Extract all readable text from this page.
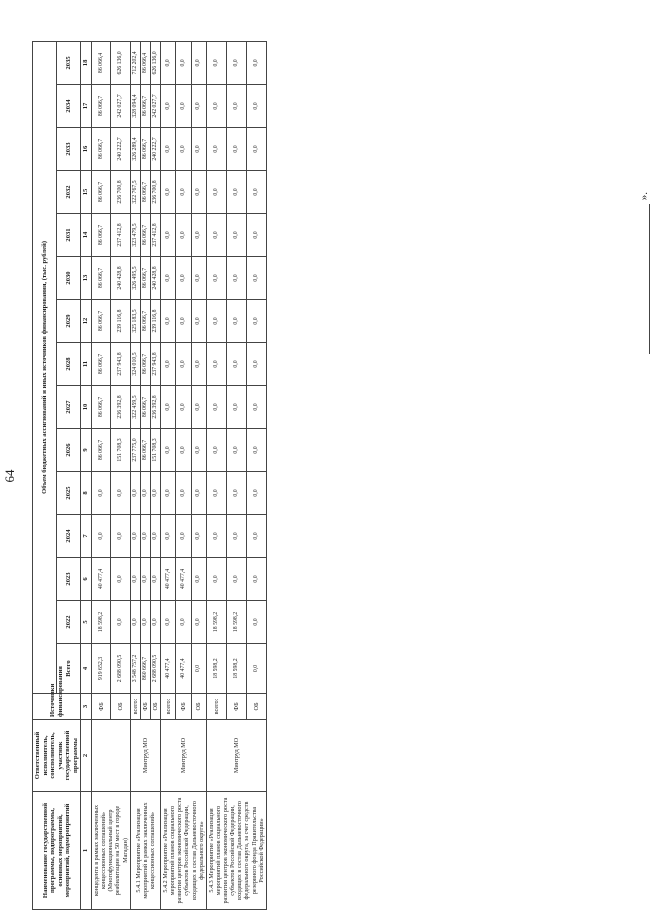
64
Наименование государственной программы, подпрограммы, основных мероприятий, мероприятий, подмероприятий	Ответственный исполнитель, соисполнитель, участник государственной программы	Источники финансирования	Объем бюджетных ассигнований и иных источников финансирования, (тыс. рублей)														
			Всего	2022	2023	2024	2025	2026	2027	2028	2029	2030	2031	2032	2033	2034	2035
1	2	3	4	5	6	7	8	9	10	11	12	13	14	15	16	17	18
концедента в рамках заключенных концессионных соглашений» (Многофункциональный центр реабилитации на 50 мест в городе Магадан)		ФБ	919 652,3	18 598,2	40 477,4	0,0	0,0	86 066,7	86 066,7	86 066,7	86 066,7	86 066,7	86 066,7	86 066,7	86 066,7	86 066,7	86 066,4
		ОБ	2 688 090,5	0,0	0,0	0,0	0,0	151 708,3	236 392,8	237 943,8	239 116,8	240 428,8	237 412,8	236 700,8	240 222,7	242 027,7	626 136,0
5.4.1 Мероприятие «Реализация мероприятий в рамках заключенных концессионных соглашений»	Минтруд МО	всего:	3 548 757,2	0,0	0,0	0,0	0,0	237 775,0	322 459,5	324 010,5	325 183,5	326 495,5	323 479,5	322 767,5	326 289,4	328 094,4	712 202,4
		ФБ	860 666,7	0,0	0,0	0,0	0,0	86 066,7	86 066,7	86 066,7	86 066,7	86 066,7	86 066,7	86 066,7	86 066,7	86 066,7	86 066,4
		ОБ	2 688 090,5	0,0	0,0	0,0	0,0	151 708,3	236 392,8	237 943,8	239 116,8	240 428,8	237 412,8	236 700,8	240 222,7	242 027,7	626 136,0
5.4.2 Мероприятие «Реализация мероприятий планов социального развития центров экономического роста субъектов Российской Федерации, входящих в состав Дальневосточного федерального округа»	Минтруд МО	всего:	40 477,4	0,0	40 477,4	0,0	0,0	0,0	0,0	0,0	0,0	0,0	0,0	0,0	0,0	0,0	0,0
		ФБ	40 477,4	0,0	40 477,4	0,0	0,0	0,0	0,0	0,0	0,0	0,0	0,0	0,0	0,0	0,0	0,0
		ОБ	0,0	0,0	0,0	0,0	0,0	0,0	0,0	0,0	0,0	0,0	0,0	0,0	0,0	0,0	0,0
5.4.3 Мероприятие «Реализация мероприятий планов социального развития центров экономического роста субъектов Российской Федерации, входящих в состав Дальневосточного федерального округа, за счет средств резервного фонда Правительства Российской Федерации»	Минтруд МО	всего:	18 598,2	18 598,2	0,0	0,0	0,0	0,0	0,0	0,0	0,0	0,0	0,0	0,0	0,0	0,0	0,0
		ФБ	18 598,2	18 598,2	0,0	0,0	0,0	0,0	0,0	0,0	0,0	0,0	0,0	0,0	0,0	0,0	0,0
		ОБ	0,0	0,0	0,0	0,0	0,0	0,0	0,0	0,0	0,0	0,0	0,0	0,0	0,0	0,0	0,0
».
